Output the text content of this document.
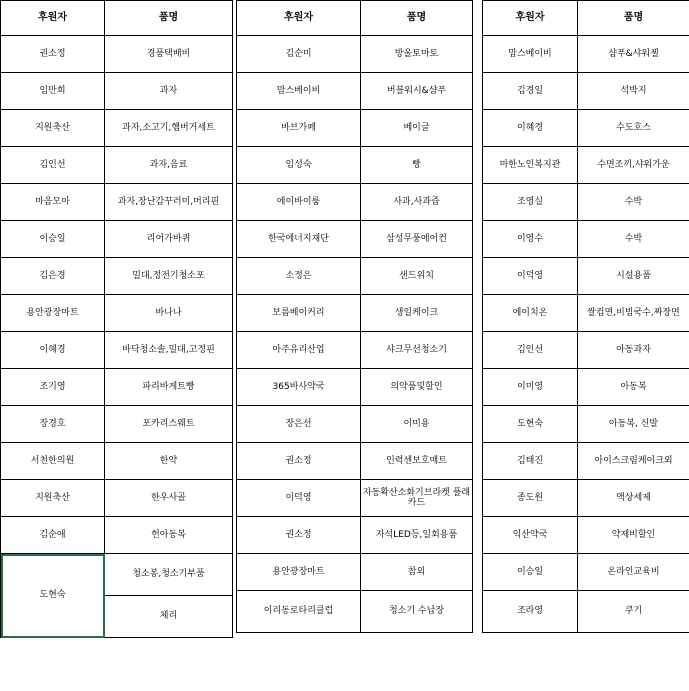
후원자	품명
권소정	경품택배비
임만희	과자
지원축산	과자,소고기,햄버거세트
김인선	과자,음료
마음모아	과자,장난감꾸러미,머리핀
이승일	리어가바퀴
김은경	밀대,정전기청소포
용안광장마트	바나나
이혜경	바닥청소솔,밀대,고정핀
조기영	파리바게트빵
장경호	포카리스웨트
서천한의원	한약
지원축산	한우사골
김순애	헌아동복
도현숙	청소봉,청소기부품
	체리
후원자	품명
김순미	방울토마토
맘스베이비	버블워시&샴푸
바브가페	베이글
임성숙	빵
에이바이룸	사과,사과즙
한국에너지재단	삼성무풍에어컨
소정은	샌드위치
보름베이커리	생일케이크
아주유리산업	샤크무선청소기
365바사약국	의약품및할인
장은선	이미용
권소정	인력센보호매트
이덕영	자동확산소화기브라켓 플래카드
권소정	자석LED등,일회용품
용안광장마트	참외
이리동로타리클럽	청소기 수납장
후원자	품명
맘스베이비	샴푸&샤워젤
김경일	석박지
이혜경	수도호스
마한노인복지관	수면조끼,샤워가운
조영실	수박
이영수	수박
이덕영	시설용품
에이치온	쌀컵면,비빔국수,짜장면
김인선	아동과자
이미영	아동복
도현숙	아동복, 신발
김태진	아이스크림케이크외
종도원	액상세제
익산약국	약제비할인
이승일	온라인교육비
조라영	쿠기
